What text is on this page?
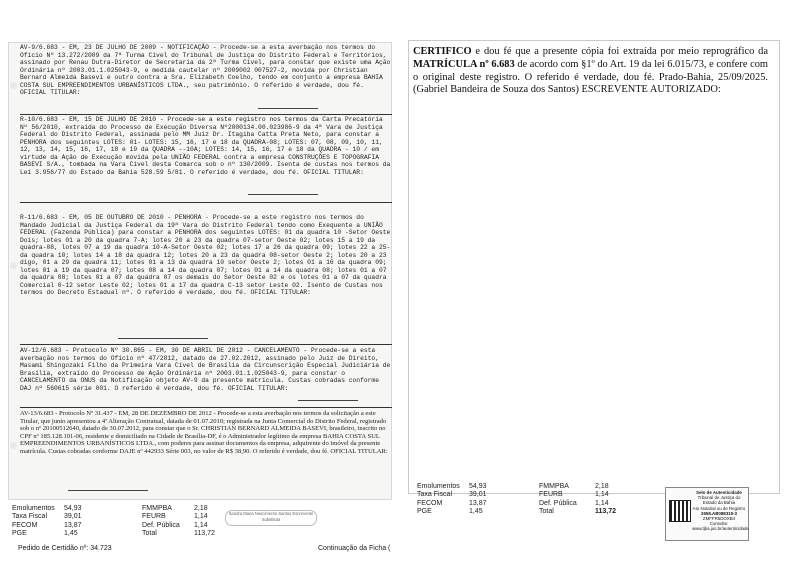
AV-9/6.683 - EM, 23 DE JULHO DE 2009 - NOTIFICAÇÃO - Procede-se a esta averbação nos termos do Ofício Nº 13.272/2009 da 7ª Turma Cível do Tribunal de Justiça do Distrito Federal e Territórios, assinado por Renau Dutra-Diretor de Secretaria da 2ª Turma Cível, para constar que existe uma Ação Ordinária nº 2003.01.1.025043-9, e medida cautelar nº 2009002 007527-2, movida por Christian Bernard Almeida Basevi e outro contra a Sra. Elizabeth Coelho, tendo em conjunto a empresa BAHIA COSTA SUL EMPREENDIMENTOS URBANÍSTICOS LTDA., seu patrimônio. O referido é verdade, dou fé. OFICIAL TITULAR:

R-10/6.683 - EM, 15 DE JULHO DE 2010 - Procede-se a este registro nos termos da Carta Precatória Nº 56/2010, extraída do Processo de Execução Diversa Nº2000134.00.023986-9 da 4ª Vara de Justiça Federal do Distrito Federal, assinada pelo MM Juiz Dr. Itagiba Catta Preta Neto, para constar a PENHORA dos seguintes LOTES: 01- LOTES: 15, 16, 17 e 18 da QUADRA-08; LOTES: 07, 08, 09, 10, 11, 12, 13, 14, 15, 16, 17, 18 e 19 da QUADRA --10A; LOTES: 14, 15, 16, 17 e 18 da QUADRA - 10 / em virtude da Ação de Execução movida pela UNIÃO FEDERAL contra a empresa CONSTRUÇÕES E TOPOGRAFIA BASEVI S/A., tombada na Vara Cível desta Comarca sob o nº 130/2009. Isenta de custas nos termos da Lei 3.956/77 do Estado da Bahia 528.59 5/81. O referido é verdade, dou fé. OFICIAL TITULAR:

R-11/6.683 - EM, 05 DE OUTUBRO DE 2010 - PENHORA - Procede-se a este registro nos termos do Mandado Judicial da Justiça Federal da 19ª Vara do Distrito Federal tendo como Exequente a UNIÃO FEDERAL (Fazenda Pública) para constar a PENHORA dos seguintes LOTES: 01 da quadra 10 -Setor Oeste Dois; lotes 01 a 20 da quadra 7-A; lotes 20 a 23 da quadra 07-setor Oeste 02; lotes 15 a 19 da quadra-08, lotes 07 a 19 da quadra 10-A-Setor Oeste 02; lotes 17 a 26 da quadra 09; lotes 22 a 25-da quadra 10; lotes 14 a 18 da quadra 12; lotes 20 a 23 da quadra 08-setor Oeste 2; lotes 20 a 23 digo, 01 a 29 da quadra 11; lotes 01 a 13 da quadra 10 setor Oeste 2; lotes 01 a 16 da quadra 09; lotes 01 a 19 da quadra 07; lotes 08 a 14 da quadra 07; lotes 01 a 14 da quadra 08; lotes 01 a 07 da quadra 08; lotes 01 a 07 da quadra 07 os demais do Setor Oeste 02 e os lotes 01 a 07 da quadra Comercial 0-12 setor Leste 02; lotes 01 a 17 da quadra C-13 setor Leste 02. Isento de Custas nos termos do Decreto Estadual nº. O referido é verdade, dou fé. OFICIAL TITULAR:

AV-12/6.683 - Protocolo Nº 30.865 - EM, 30 DE ABRIL DE 2012 - CANCELAMENTO - Procede-se a esta averbação nos termos do Ofício nº 47/2012, datado de 27.02.2012, assinado pelo Juiz de Direito, Masami Shingozaki Filho da Primeira Vara Cível de Brasília da Circunscrição Especial Judiciária de Brasília, extraído do Processo de Ação Ordinária nº 2003.01.1.025043-9, para constar o CANCELAMENTO da ONUS da Notificação objeto AV-9 da presente matrícula. Custas cobradas conforme DAJ nº 560615 série 001. O referido é verdade, dou fé. OFICIAL TITULAR:

AV-13/6.683 - Protocolo Nº 31.437 - EM, 28 DE DEZEMBRO DE 2012 - Procede-se a esta averbação nos termos da solicitação a este Titular, que junto apresentou a 4ª Alteração Contratual, datada de 01.07.2010; registrada na Junta Comercial do Distrito Federal, registrado sob o nº 20100512640, datado de 30.07.2012, para constar que o Sr. CHRISTIAN BERNARD ALMEIDA BASEVI, brasileiro, inscrito no CPF nº 185.128.101-06, residente e domiciliado na Cidade de Brasília-DF, é o Administrador legítimo da empresa BAHIA COSTA SUL EMPREENDIMENTOS URBANÍSTICOS LTDA., com poderes para assinar documentos da empresa, adquirente do imóvel da presente matrícula. Custas cobradas conforme DAJE nº 442933 Série 003, no valor de R$ 38,90. O referido é verdade, dou fé. OFICIAL TITULAR:

Emolumentos	54,93	FMMPBA	2,18
Taxa Fiscal	39,01	FEURB	1,14
FECOM	13,87	Def. Pública	1,14
PGE	1,45	Total	113,72
Pedido de Certidão nº: 34.723	Continuação da Ficha (
Sandra Maria Nascimento Santos Escrevente Substituta
CERTIFICO e dou fé que a presente cópia foi extraída por meio reprográfico da MATRÍCULA nº 6.683 de acordo com §1º do Art. 19 da lei 6.015/73, e confere com o original deste registro. O referido é verdade, dou fé. Prado-Bahia, 25/09/2025. (Gabriel Bandeira de Souza dos Santos) ESCREVENTE AUTORIZADO:
Emolumentos	54,93	FMMPBA	2,18
Taxa Fiscal	39,01	FEURB	1,14
FECOM	13,87	Def. Pública	1,14
PGE	1,45	Total	113,72
Selo de Autenticidade
Tribunal de Justiça do Estado da Bahia
Ato Notarial ou de Registro
2658.AB088315-3
ZMFFR5DOXB4
Consulte:
www.tjba.jus.br/autenticidade
